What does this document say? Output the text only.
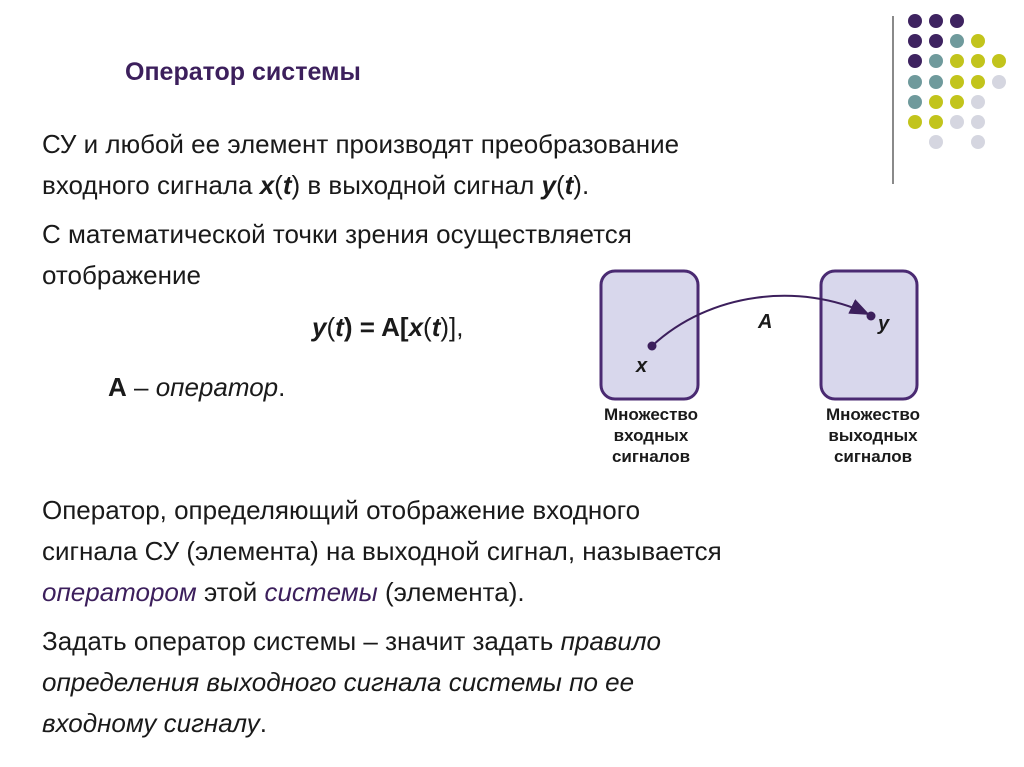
Оператор системы
СУ и любой ее элемент производят преобразование
входного сигнала x(t) в выходной сигнал y(t).
С математической точки зрения осуществляется
отображение
y(t) = A[x(t)],
А – оператор.
x
y
A
Множество
входных
сигналов
Множество
выходных
сигналов
Оператор, определяющий отображение входного
сигнала СУ (элемента) на выходной сигнал, называется
оператором этой системы (элемента).
Задать оператор системы – значит задать правило
определения выходного сигнала системы по ее
входному сигналу.
